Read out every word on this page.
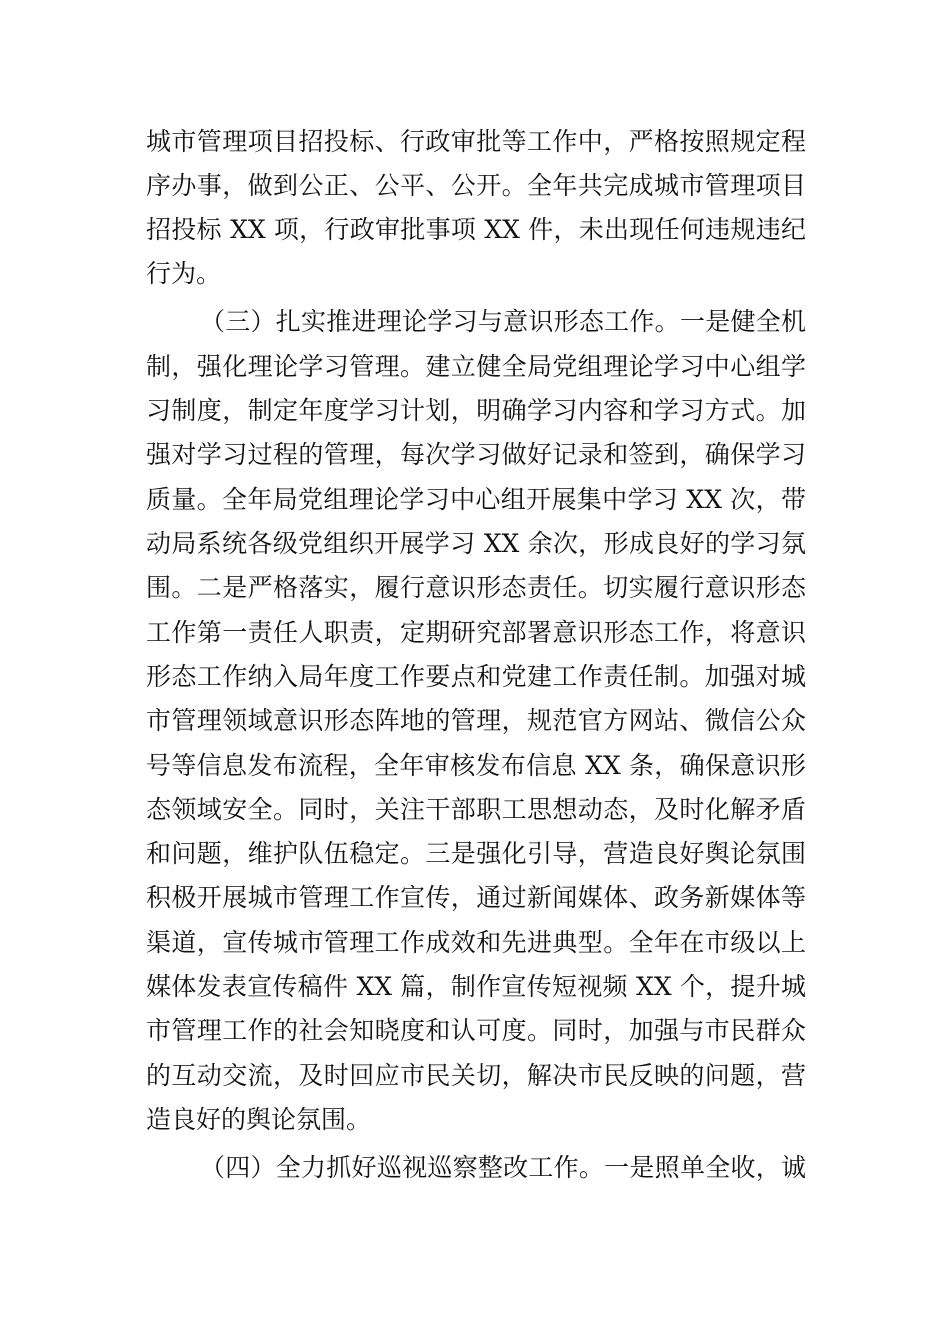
城市管理项目招投标、行政审批等工作中，严格按照规定程
序办事，做到公正、公平、公开。全年共完成城市管理项目
招投标 XX 项，行政审批事项 XX 件，未出现任何违规违纪
行为。
（三）扎实推进理论学习与意识形态工作。一是健全机
制，强化理论学习管理。建立健全局党组理论学习中心组学
习制度，制定年度学习计划，明确学习内容和学习方式。加
强对学习过程的管理，每次学习做好记录和签到，确保学习
质量。全年局党组理论学习中心组开展集中学习 XX 次，带
动局系统各级党组织开展学习 XX 余次，形成良好的学习氛
围。二是严格落实，履行意识形态责任。切实履行意识形态
工作第一责任人职责，定期研究部署意识形态工作，将意识
形态工作纳入局年度工作要点和党建工作责任制。加强对城
市管理领域意识形态阵地的管理，规范官方网站、微信公众
号等信息发布流程，全年审核发布信息 XX 条，确保意识形
态领域安全。同时，关注干部职工思想动态，及时化解矛盾
和问题，维护队伍稳定。三是强化引导，营造良好舆论氛围
积极开展城市管理工作宣传，通过新闻媒体、政务新媒体等
渠道，宣传城市管理工作成效和先进典型。全年在市级以上
媒体发表宣传稿件 XX 篇，制作宣传短视频 XX 个，提升城
市管理工作的社会知晓度和认可度。同时，加强与市民群众
的互动交流，及时回应市民关切，解决市民反映的问题，营
造良好的舆论氛围。
（四）全力抓好巡视巡察整改工作。一是照单全收，诚
